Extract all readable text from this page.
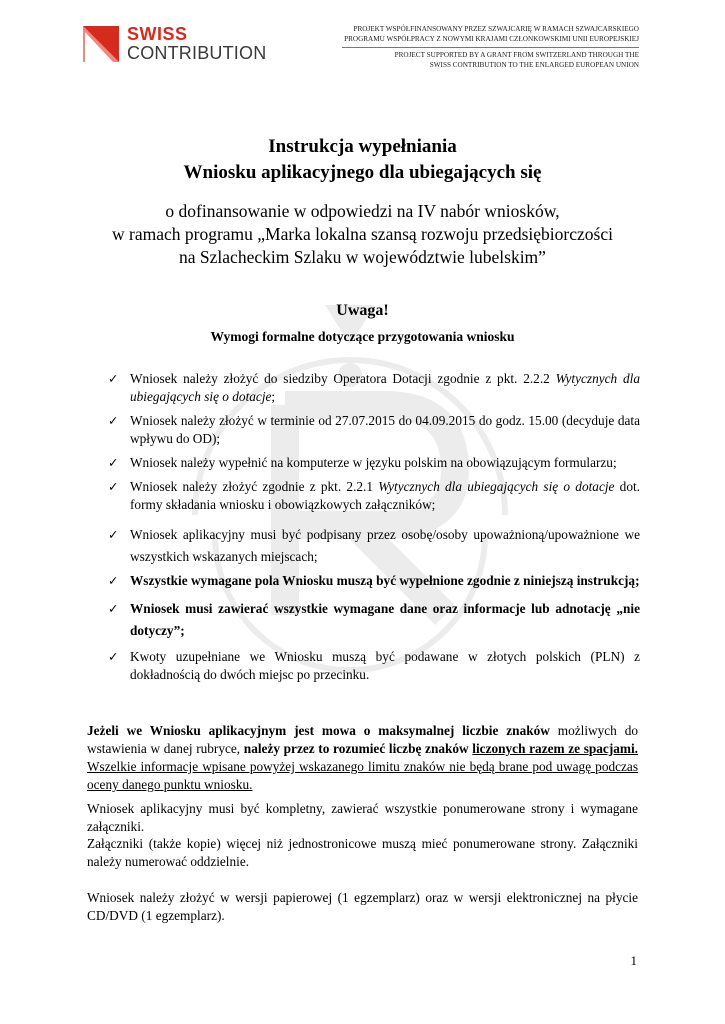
SWISS
CONTRIBUTION
PROJEKT WSPÓŁFINANSOWANY PRZEZ SZWAJCARIĘ W RAMACH SZWAJCARSKIEGO
PROGRAMU WSPÓŁPRACY Z NOWYMI KRAJAMI CZŁONKOWSKIMI UNII EUROPEJSKIEJ
PROJECT SUPPORTED BY A GRANT FROM SWITZERLAND THROUGH THE
SWISS CONTRIBUTION TO THE ENLARGED EUROPEAN UNION
Instrukcja wypełniania
Wniosku aplikacyjnego dla ubiegających się
o dofinansowanie w odpowiedzi na IV nabór wniosków,
w ramach programu „Marka lokalna szansą rozwoju przedsiębiorczości
na Szlacheckim Szlaku w województwie lubelskim”
Uwaga!
Wymogi formalne dotyczące przygotowania wniosku
✓ Wniosek należy złożyć do siedziby Operatora Dotacji zgodnie z pkt. 2.2.2 Wytycznych dla ubiegających się o dotacje;
✓ Wniosek należy złożyć w terminie od 27.07.2015 do 04.09.2015 do godz. 15.00 (decyduje data wpływu do OD);
✓ Wniosek należy wypełnić na komputerze w języku polskim na obowiązującym formularzu;
✓ Wniosek należy złożyć zgodnie z pkt. 2.2.1 Wytycznych dla ubiegających się o dotacje dot. formy składania wniosku i obowiązkowych załączników;
✓ Wniosek aplikacyjny musi być podpisany przez osobę/osoby upoważnioną/upoważnione we wszystkich wskazanych miejscach;
✓ Wszystkie wymagane pola Wniosku muszą być wypełnione zgodnie z niniejszą instrukcją;
✓ Wniosek musi zawierać wszystkie wymagane dane oraz informacje lub adnotację „nie dotyczy”;
✓ Kwoty uzupełniane we Wniosku muszą być podawane w złotych polskich (PLN) z dokładnością do dwóch miejsc po przecinku.
Jeżeli we Wniosku aplikacyjnym jest mowa o maksymalnej liczbie znaków możliwych do wstawienia w danej rubryce, należy przez to rozumieć liczbę znaków liczonych razem ze spacjami. Wszelkie informacje wpisane powyżej wskazanego limitu znaków nie będą brane pod uwagę podczas oceny danego punktu wniosku.
Wniosek aplikacyjny musi być kompletny, zawierać wszystkie ponumerowane strony i wymagane załączniki.
Załączniki (także kopie) więcej niż jednostronicowe muszą mieć ponumerowane strony. Załączniki należy numerować oddzielnie.
Wniosek należy złożyć w wersji papierowej (1 egzemplarz) oraz w wersji elektronicznej na płycie CD/DVD (1 egzemplarz).
1
